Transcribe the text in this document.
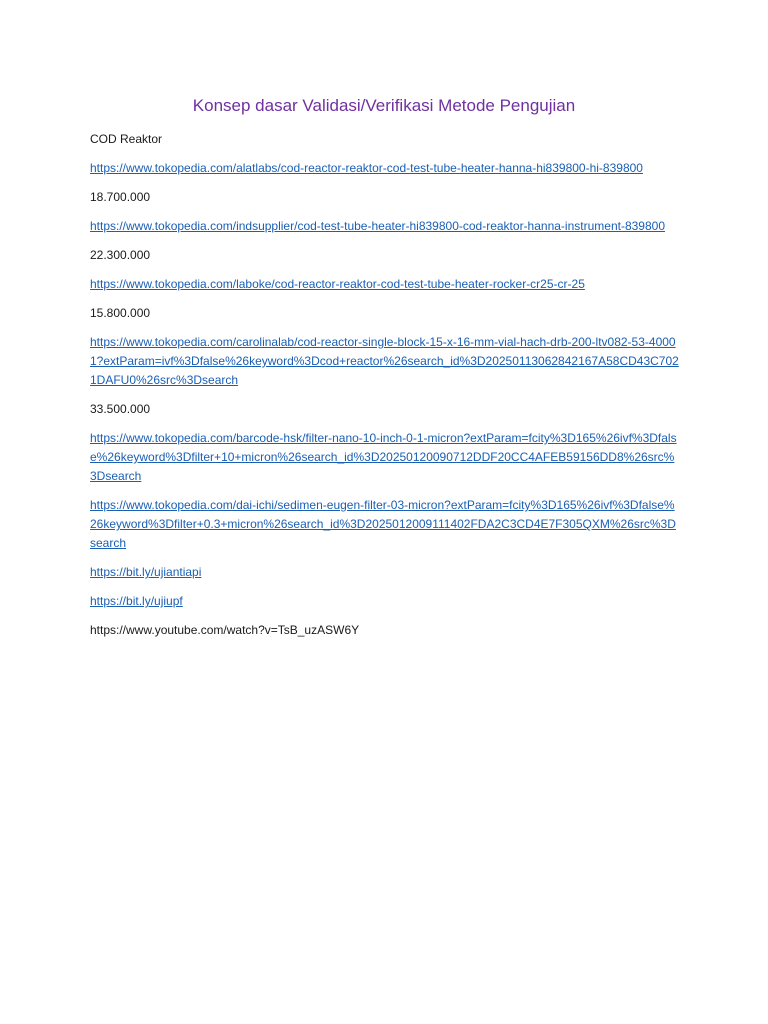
Konsep dasar Validasi/Verifikasi Metode Pengujian

COD Reaktor

https://www.tokopedia.com/alatlabs/cod-reactor-reaktor-cod-test-tube-heater-hanna-hi839800-hi-839800

18.700.000

https://www.tokopedia.com/indsupplier/cod-test-tube-heater-hi839800-cod-reaktor-hanna-instrument-839800

22.300.000

https://www.tokopedia.com/laboke/cod-reactor-reaktor-cod-test-tube-heater-rocker-cr25-cr-25

15.800.000

https://www.tokopedia.com/carolinalab/cod-reactor-single-block-15-x-16-mm-vial-hach-drb-200-ltv082-53-40001?extParam=ivf%3Dfalse%26keyword%3Dcod+reactor%26search_id%3D20250113062842167A58CD43C7021DAFU0%26src%3Dsearch

33.500.000

https://www.tokopedia.com/barcode-hsk/filter-nano-10-inch-0-1-micron?extParam=fcity%3D165%26ivf%3Dfalse%26keyword%3Dfilter+10+micron%26search_id%3D20250120090712DDF20CC4AFEB59156DD8%26src%3Dsearch

https://www.tokopedia.com/dai-ichi/sedimen-eugen-filter-03-micron?extParam=fcity%3D165%26ivf%3Dfalse%26keyword%3Dfilter+0.3+micron%26search_id%3D2025012009111402FDA2C3CD4E7F305QXM%26src%3Dsearch

https://bit.ly/ujiantiapi

https://bit.ly/ujiupf

https://www.youtube.com/watch?v=TsB_uzASW6Y
